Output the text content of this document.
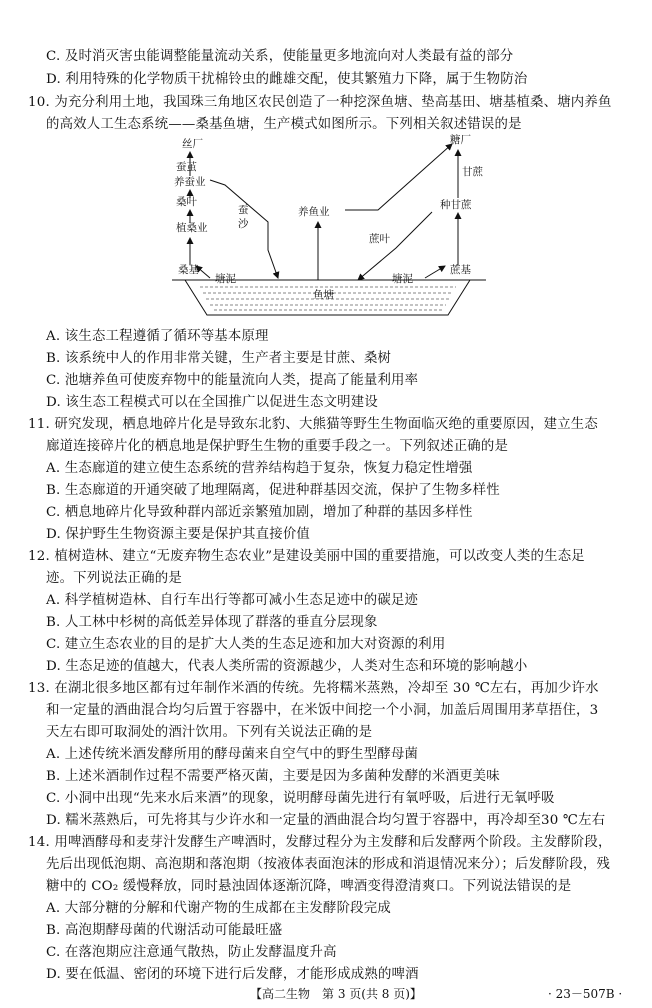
C. 及时消灭害虫能调整能量流动关系，使能量更多地流向对人类最有益的部分
D. 利用特殊的化学物质干扰棉铃虫的雌雄交配，使其繁殖力下降，属于生物防治
10. 为充分利用土地，我国珠三角地区农民创造了一种挖深鱼塘、垫高基田、塘基植桑、塘内养鱼
的高效人工生态系统——桑基鱼塘，生产模式如图所示。下列相关叙述错误的是
丝厂
蚕茧
养蚕业
桑叶
植桑业
桑基
蚕
沙
养鱼业
蔗叶
糖厂
甘蔗
种甘蔗
蔗基
塘泥	塘泥
鱼塘
A. 该生态工程遵循了循环等基本原理
B. 该系统中人的作用非常关键，生产者主要是甘蔗、桑树
C. 池塘养鱼可使废弃物中的能量流向人类，提高了能量利用率
D. 该生态工程模式可以在全国推广以促进生态文明建设
11. 研究发现，栖息地碎片化是导致东北豹、大熊猫等野生生物面临灭绝的重要原因，建立生态
廊道连接碎片化的栖息地是保护野生生物的重要手段之一。下列叙述正确的是
A. 生态廊道的建立使生态系统的营养结构趋于复杂，恢复力稳定性增强
B. 生态廊道的开通突破了地理隔离，促进种群基因交流，保护了生物多样性
C. 栖息地碎片化导致种群内部近亲繁殖加剧，增加了种群的基因多样性
D. 保护野生生物资源主要是保护其直接价值
12. 植树造林、建立“无废弃物生态农业”是建设美丽中国的重要措施，可以改变人类的生态足
迹。下列说法正确的是
A. 科学植树造林、自行车出行等都可减小生态足迹中的碳足迹
B. 人工林中杉树的高低差异体现了群落的垂直分层现象
C. 建立生态农业的目的是扩大人类的生态足迹和加大对资源的利用
D. 生态足迹的值越大，代表人类所需的资源越少，人类对生态和环境的影响越小
13. 在湖北很多地区都有过年制作米酒的传统。先将糯米蒸熟，冷却至 30 ℃左右，再加少许水
和一定量的酒曲混合均匀后置于容器中，在米饭中间挖一个小洞，加盖后周围用茅草捂住，3
天左右即可取洞处的酒汁饮用。下列有关说法正确的是
A. 上述传统米酒发酵所用的酵母菌来自空气中的野生型酵母菌
B. 上述米酒制作过程不需要严格灭菌，主要是因为多菌种发酵的米酒更美味
C. 小洞中出现“先来水后来酒”的现象，说明酵母菌先进行有氧呼吸，后进行无氧呼吸
D. 糯米蒸熟后，可先将其与少许水和一定量的酒曲混合均匀置于容器中，再冷却至30 ℃左右
14. 用啤酒酵母和麦芽汁发酵生产啤酒时，发酵过程分为主发酵和后发酵两个阶段。主发酵阶段，
先后出现低泡期、高泡期和落泡期（按液体表面泡沫的形成和消退情况来分）；后发酵阶段，残
糖中的 CO₂ 缓慢释放，同时悬浊固体逐渐沉降，啤酒变得澄清爽口。下列说法错误的是
A. 大部分糖的分解和代谢产物的生成都在主发酵阶段完成
B. 高泡期酵母菌的代谢活动可能最旺盛
C. 在落泡期应注意通气散热，防止发酵温度升高
D. 要在低温、密闭的环境下进行后发酵，才能形成成熟的啤酒
【高二生物　第 3 页(共 8 页)】	· 23－507B ·
